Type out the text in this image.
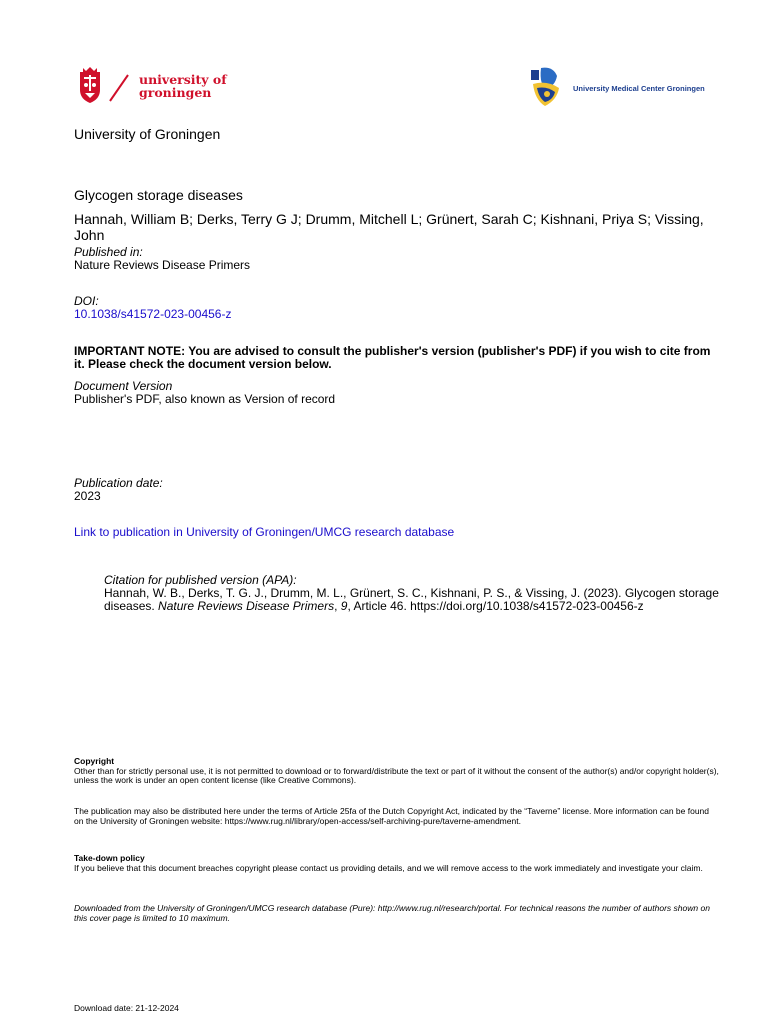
university of
groningen	University Medical Center Groningen
University of Groningen
Glycogen storage diseases
Hannah, William B; Derks, Terry G J; Drumm, Mitchell L; Grünert, Sarah C; Kishnani, Priya S; Vissing, John
Published in:
Nature Reviews Disease Primers
DOI:
10.1038/s41572-023-00456-z
IMPORTANT NOTE: You are advised to consult the publisher's version (publisher's PDF) if you wish to cite from it. Please check the document version below.
Document Version
Publisher's PDF, also known as Version of record
Publication date:
2023
Link to publication in University of Groningen/UMCG research database
Citation for published version (APA):
Hannah, W. B., Derks, T. G. J., Drumm, M. L., Grünert, S. C., Kishnani, P. S., & Vissing, J. (2023). Glycogen storage diseases. Nature Reviews Disease Primers, 9, Article 46. https://doi.org/10.1038/s41572-023-00456-z
Copyright
Other than for strictly personal use, it is not permitted to download or to forward/distribute the text or part of it without the consent of the author(s) and/or copyright holder(s), unless the work is under an open content license (like Creative Commons).
The publication may also be distributed here under the terms of Article 25fa of the Dutch Copyright Act, indicated by the “Taverne” license. More information can be found on the University of Groningen website: https://www.rug.nl/library/open-access/self-archiving-pure/taverne-amendment.
Take-down policy
If you believe that this document breaches copyright please contact us providing details, and we will remove access to the work immediately and investigate your claim.
Downloaded from the University of Groningen/UMCG research database (Pure): http://www.rug.nl/research/portal. For technical reasons the number of authors shown on this cover page is limited to 10 maximum.
Download date: 21-12-2024
